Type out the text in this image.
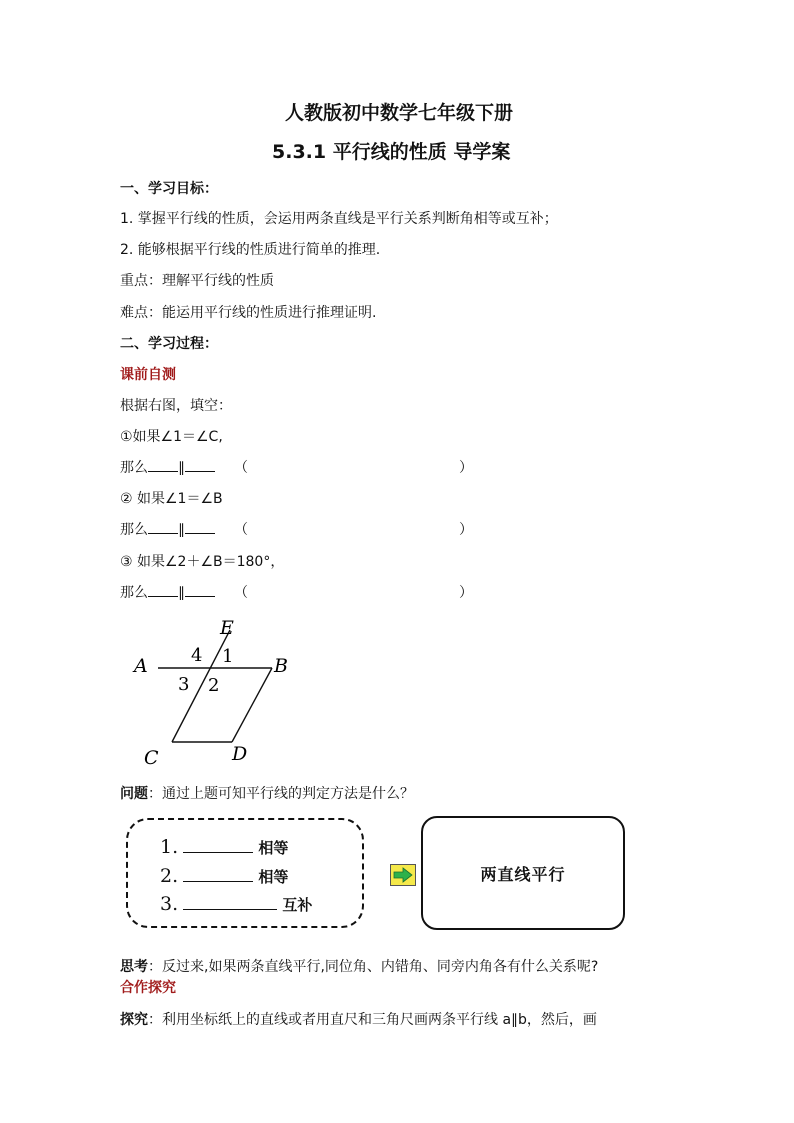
人教版初中数学七年级下册
5.3.1 平行线的性质 导学案
一、学习目标：
1. 掌握平行线的性质，会运用两条直线是平行关系判断角相等或互补；
2. 能够根据平行线的性质进行简单的推理.
重点：理解平行线的性质
难点：能运用平行线的性质进行推理证明.
二、学习过程：
课前自测
根据右图，填空：
①如果∠1＝∠C,
那么 ∥	（	）
② 如果∠1＝∠B
那么 ∥	（	）
③ 如果∠2＋∠B＝180°，
那么 ∥	（	）
E
A	B
C	D
4 1
3 2
问题：通过上题可知平行线的判定方法是什么？
1.	相等
2.	相等
3.	互补
两直线平行
思考：反过来,如果两条直线平行,同位角、内错角、同旁内角各有什么关系呢?
合作探究
探究：利用坐标纸上的直线或者用直尺和三角尺画两条平行线 a∥b，然后，画
